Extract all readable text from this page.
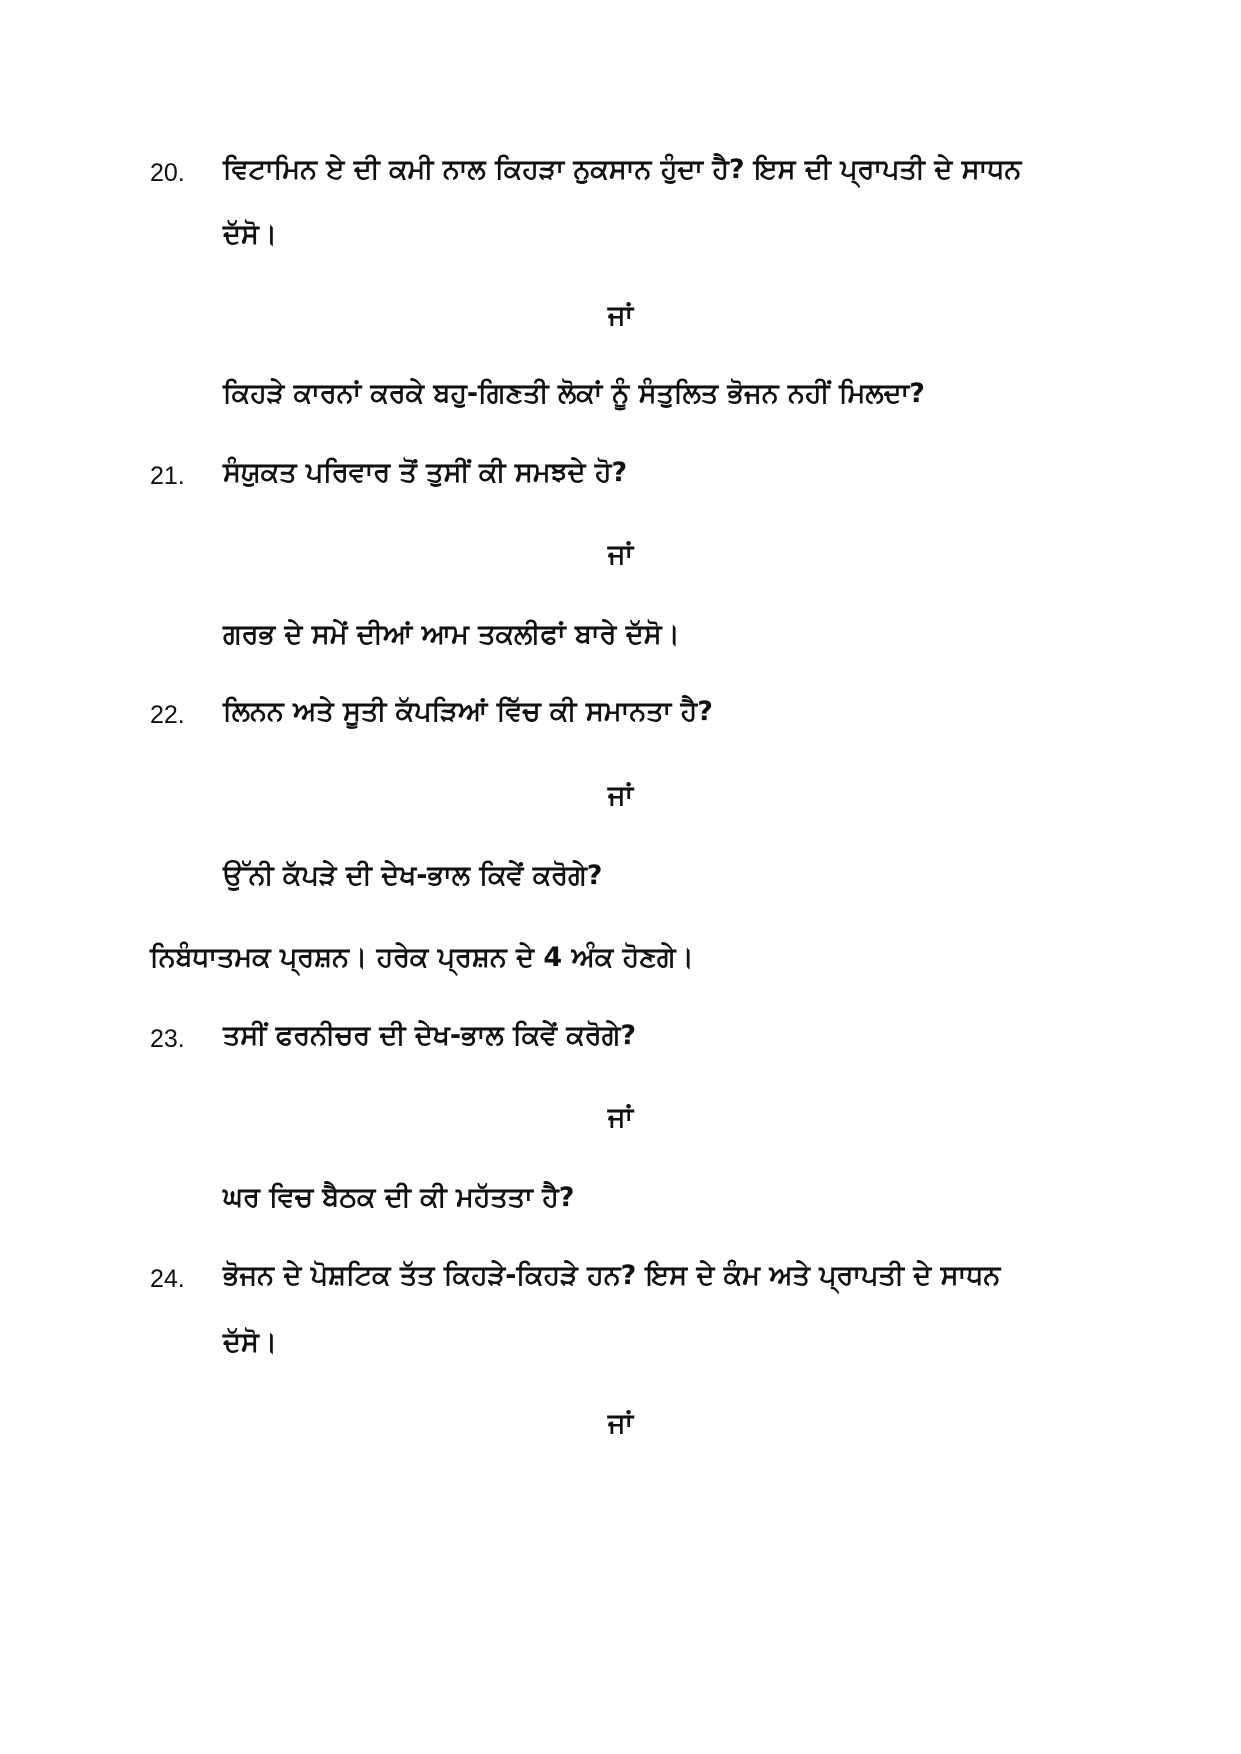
20. ਵਿਟਾਮਿਨ ਏ ਦੀ ਕਮੀ ਨਾਲ ਕਿਹੜਾ ਨੁਕਸਾਨ ਹੁੰਦਾ ਹੈ? ਇਸ ਦੀ ਪ੍ਰਾਪਤੀ ਦੇ ਸਾਧਨ
ਦੱਸੋ।
ਜਾਂ
ਕਿਹੜੇ ਕਾਰਨਾਂ ਕਰਕੇ ਬਹੁ-ਗਿਣਤੀ ਲੋਕਾਂ ਨੂੰ ਸੰਤੁਲਿਤ ਭੋਜਨ ਨਹੀਂ ਮਿਲਦਾ?
21. ਸੰਯੁਕਤ ਪਰਿਵਾਰ ਤੋਂ ਤੁਸੀਂ ਕੀ ਸਮਝਦੇ ਹੋ?
ਜਾਂ
ਗਰਭ ਦੇ ਸਮੇਂ ਦੀਆਂ ਆਮ ਤਕਲੀਫਾਂ ਬਾਰੇ ਦੱਸੋ।
22. ਲਿਨਨ ਅਤੇ ਸੂਤੀ ਕੱਪੜਿਆਂ ਵਿੱਚ ਕੀ ਸਮਾਨਤਾ ਹੈ?
ਜਾਂ
ਉੱਨੀ ਕੱਪੜੇ ਦੀ ਦੇਖ-ਭਾਲ ਕਿਵੇਂ ਕਰੋਗੇ?
ਨਿਬੰਧਾਤਮਕ ਪ੍ਰਸ਼ਨ। ਹਰੇਕ ਪ੍ਰਸ਼ਨ ਦੇ 4 ਅੰਕ ਹੋਣਗੇ।
23. ਤਸੀਂ ਫਰਨੀਚਰ ਦੀ ਦੇਖ-ਭਾਲ ਕਿਵੇਂ ਕਰੋਗੇ?
ਜਾਂ
ਘਰ ਵਿਚ ਬੈਠਕ ਦੀ ਕੀ ਮਹੱਤਤਾ ਹੈ?
24. ਭੋਜਨ ਦੇ ਪੋਸ਼ਟਿਕ ਤੱਤ ਕਿਹੜੇ-ਕਿਹੜੇ ਹਨ? ਇਸ ਦੇ ਕੰਮ ਅਤੇ ਪ੍ਰਾਪਤੀ ਦੇ ਸਾਧਨ
ਦੱਸੋ।
ਜਾਂ
